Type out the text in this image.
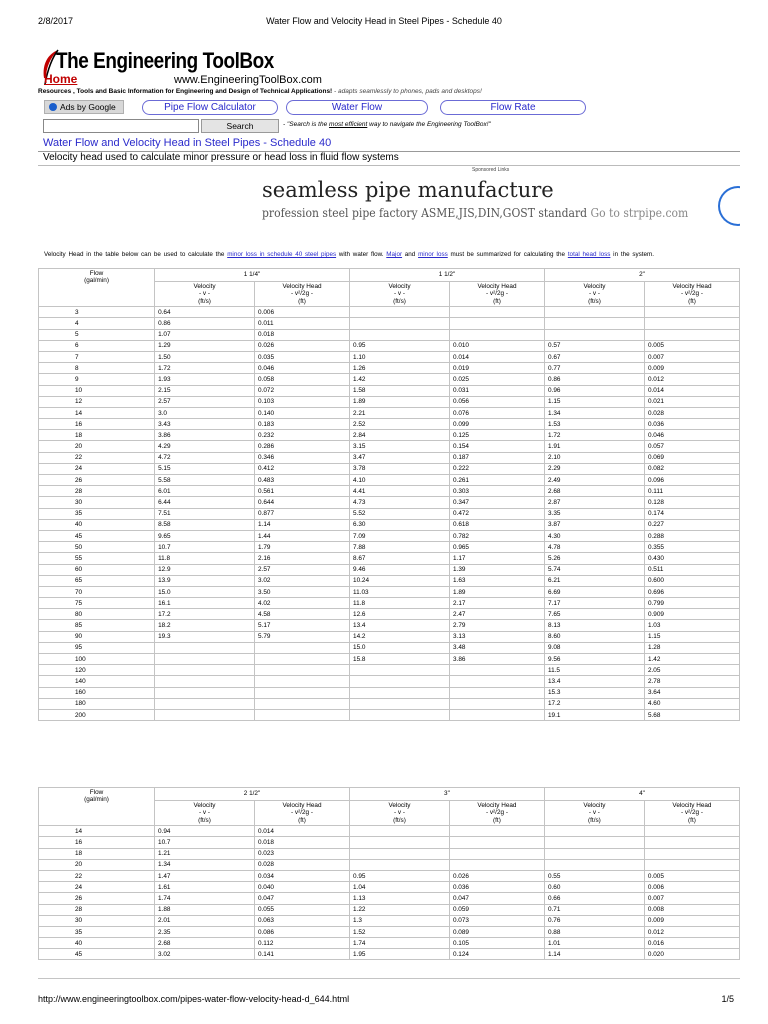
2/8/2017	Water Flow and Velocity Head in Steel Pipes - Schedule 40
The Engineering ToolBox
Home	www.EngineeringToolBox.com
Resources , Tools and Basic Information for Engineering and Design of Technical Applications! - adapts seamlessly to phones, pads and desktops!
Ads by Google	Pipe Flow Calculator	Water Flow	Flow Rate
Search	- "Search is the most efficient way to navigate the Engineering ToolBox!"
Water Flow and Velocity Head in Steel Pipes - Schedule 40
Velocity head used to calculate minor pressure or head loss in fluid flow systems
Sponsored Links
seamless pipe manufacture
profession steel pipe factory ASME,JIS,DIN,GOST standard Go to strpipe.com
Velocity Head in the table below can be used to calculate the minor loss in schedule 40 steel pipes with water flow. Major and minor loss must be summarized for calculating the total head loss in the system.
Flow
(gal/min)	1 1/4"		1 1/2"		2"	
	Velocity
- v -
(ft/s)	Velocity Head
- v²/2g -
(ft)	Velocity
- v -
(ft/s)	Velocity Head
- v²/2g -
(ft)	Velocity
- v -
(ft/s)	Velocity Head
- v²/2g -
(ft)
3	0.64	0.006				
4	0.86	0.011				
5	1.07	0.018				
6	1.29	0.026	0.95	0.010	0.57	0.005
7	1.50	0.035	1.10	0.014	0.67	0.007
8	1.72	0.046	1.26	0.019	0.77	0.009
9	1.93	0.058	1.42	0.025	0.86	0.012
10	2.15	0.072	1.58	0.031	0.96	0.014
12	2.57	0.103	1.89	0.056	1.15	0.021
14	3.0	0.140	2.21	0.076	1.34	0.028
16	3.43	0.183	2.52	0.099	1.53	0.036
18	3.86	0.232	2.84	0.125	1.72	0.046
20	4.29	0.286	3.15	0.154	1.91	0.057
22	4.72	0.346	3.47	0.187	2.10	0.069
24	5.15	0.412	3.78	0.222	2.29	0.082
26	5.58	0.483	4.10	0.261	2.49	0.096
28	6.01	0.561	4.41	0.303	2.68	0.111
30	6.44	0.644	4.73	0.347	2.87	0.128
35	7.51	0.877	5.52	0.472	3.35	0.174
40	8.58	1.14	6.30	0.618	3.87	0.227
45	9.65	1.44	7.09	0.782	4.30	0.288
50	10.7	1.79	7.88	0.965	4.78	0.355
55	11.8	2.16	8.67	1.17	5.26	0.430
60	12.9	2.57	9.46	1.39	5.74	0.511
65	13.9	3.02	10.24	1.63	6.21	0.600
70	15.0	3.50	11.03	1.89	6.69	0.696
75	16.1	4.02	11.8	2.17	7.17	0.799
80	17.2	4.58	12.6	2.47	7.65	0.909
85	18.2	5.17	13.4	2.79	8.13	1.03
90	19.3	5.79	14.2	3.13	8.60	1.15
95			15.0	3.48	9.08	1.28
100			15.8	3.86	9.56	1.42
120					11.5	2.05
140					13.4	2.78
160					15.3	3.64
180					17.2	4.60
200					19.1	5.68
Flow
(gal/min)	2 1/2"		3"		4"	
	Velocity
- v -
(ft/s)	Velocity Head
- v²/2g -
(ft)	Velocity
- v -
(ft/s)	Velocity Head
- v²/2g -
(ft)	Velocity
- v -
(ft/s)	Velocity Head
- v²/2g -
(ft)
14	0.94	0.014				
16	10.7	0.018				
18	1.21	0.023				
20	1.34	0.028				
22	1.47	0.034	0.95	0.026	0.55	0.005
24	1.61	0.040	1.04	0.036	0.60	0.006
26	1.74	0.047	1.13	0.047	0.66	0.007
28	1.88	0.055	1.22	0.059	0.71	0.008
30	2.01	0.063	1.3	0.073	0.76	0.009
35	2.35	0.086	1.52	0.089	0.88	0.012
40	2.68	0.112	1.74	0.105	1.01	0.016
45	3.02	0.141	1.95	0.124	1.14	0.020
http://www.engineeringtoolbox.com/pipes-water-flow-velocity-head-d_644.html	1/5
